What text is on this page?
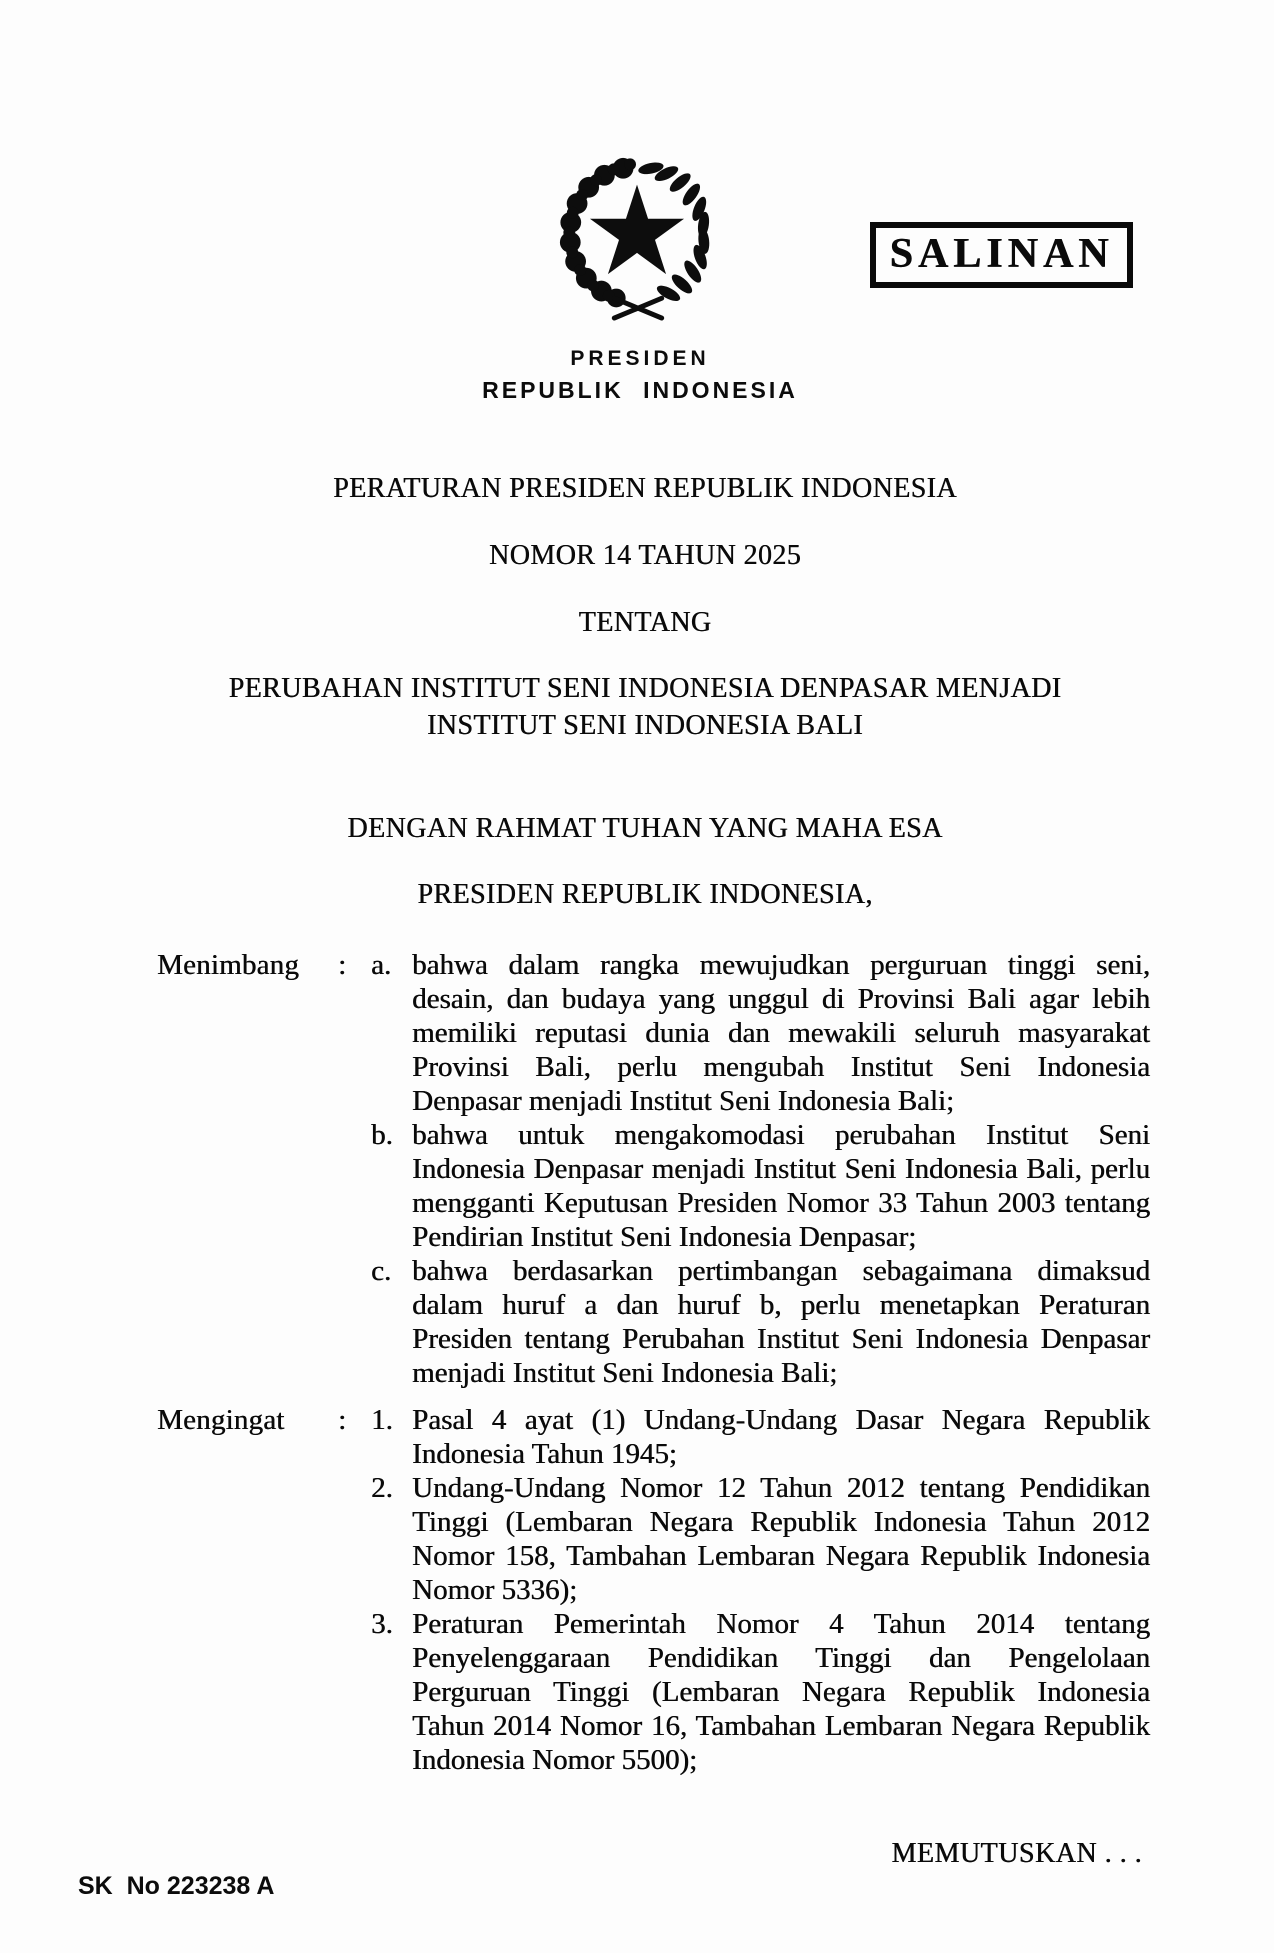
SALINAN
PRESIDEN
REPUBLIK INDONESIA
PERATURAN PRESIDEN REPUBLIK INDONESIA
NOMOR 14 TAHUN 2025
TENTANG
PERUBAHAN INSTITUT SENI INDONESIA DENPASAR MENJADI
INSTITUT SENI INDONESIA BALI
DENGAN RAHMAT TUHAN YANG MAHA ESA
PRESIDEN REPUBLIK INDONESIA,
Menimbang	: a. bahwa dalam rangka mewujudkan perguruan tinggi seni, desain, dan budaya yang unggul di Provinsi Bali agar lebih memiliki reputasi dunia dan mewakili seluruh masyarakat Provinsi Bali, perlu mengubah Institut Seni Indonesia Denpasar menjadi Institut Seni Indonesia Bali;
b. bahwa untuk mengakomodasi perubahan Institut Seni Indonesia Denpasar menjadi Institut Seni Indonesia Bali, perlu mengganti Keputusan Presiden Nomor 33 Tahun 2003 tentang Pendirian Institut Seni Indonesia Denpasar;
c. bahwa berdasarkan pertimbangan sebagaimana dimaksud dalam huruf a dan huruf b, perlu menetapkan Peraturan Presiden tentang Perubahan Institut Seni Indonesia Denpasar menjadi Institut Seni Indonesia Bali;
Mengingat	: 1. Pasal 4 ayat (1) Undang-Undang Dasar Negara Republik Indonesia Tahun 1945;
2. Undang-Undang Nomor 12 Tahun 2012 tentang Pendidikan Tinggi (Lembaran Negara Republik Indonesia Tahun 2012 Nomor 158, Tambahan Lembaran Negara Republik Indonesia Nomor 5336);
3. Peraturan Pemerintah Nomor 4 Tahun 2014 tentang Penyelenggaraan Pendidikan Tinggi dan Pengelolaan Perguruan Tinggi (Lembaran Negara Republik Indonesia Tahun 2014 Nomor 16, Tambahan Lembaran Negara Republik Indonesia Nomor 5500);
MEMUTUSKAN . . .
SK  No 223238 A
